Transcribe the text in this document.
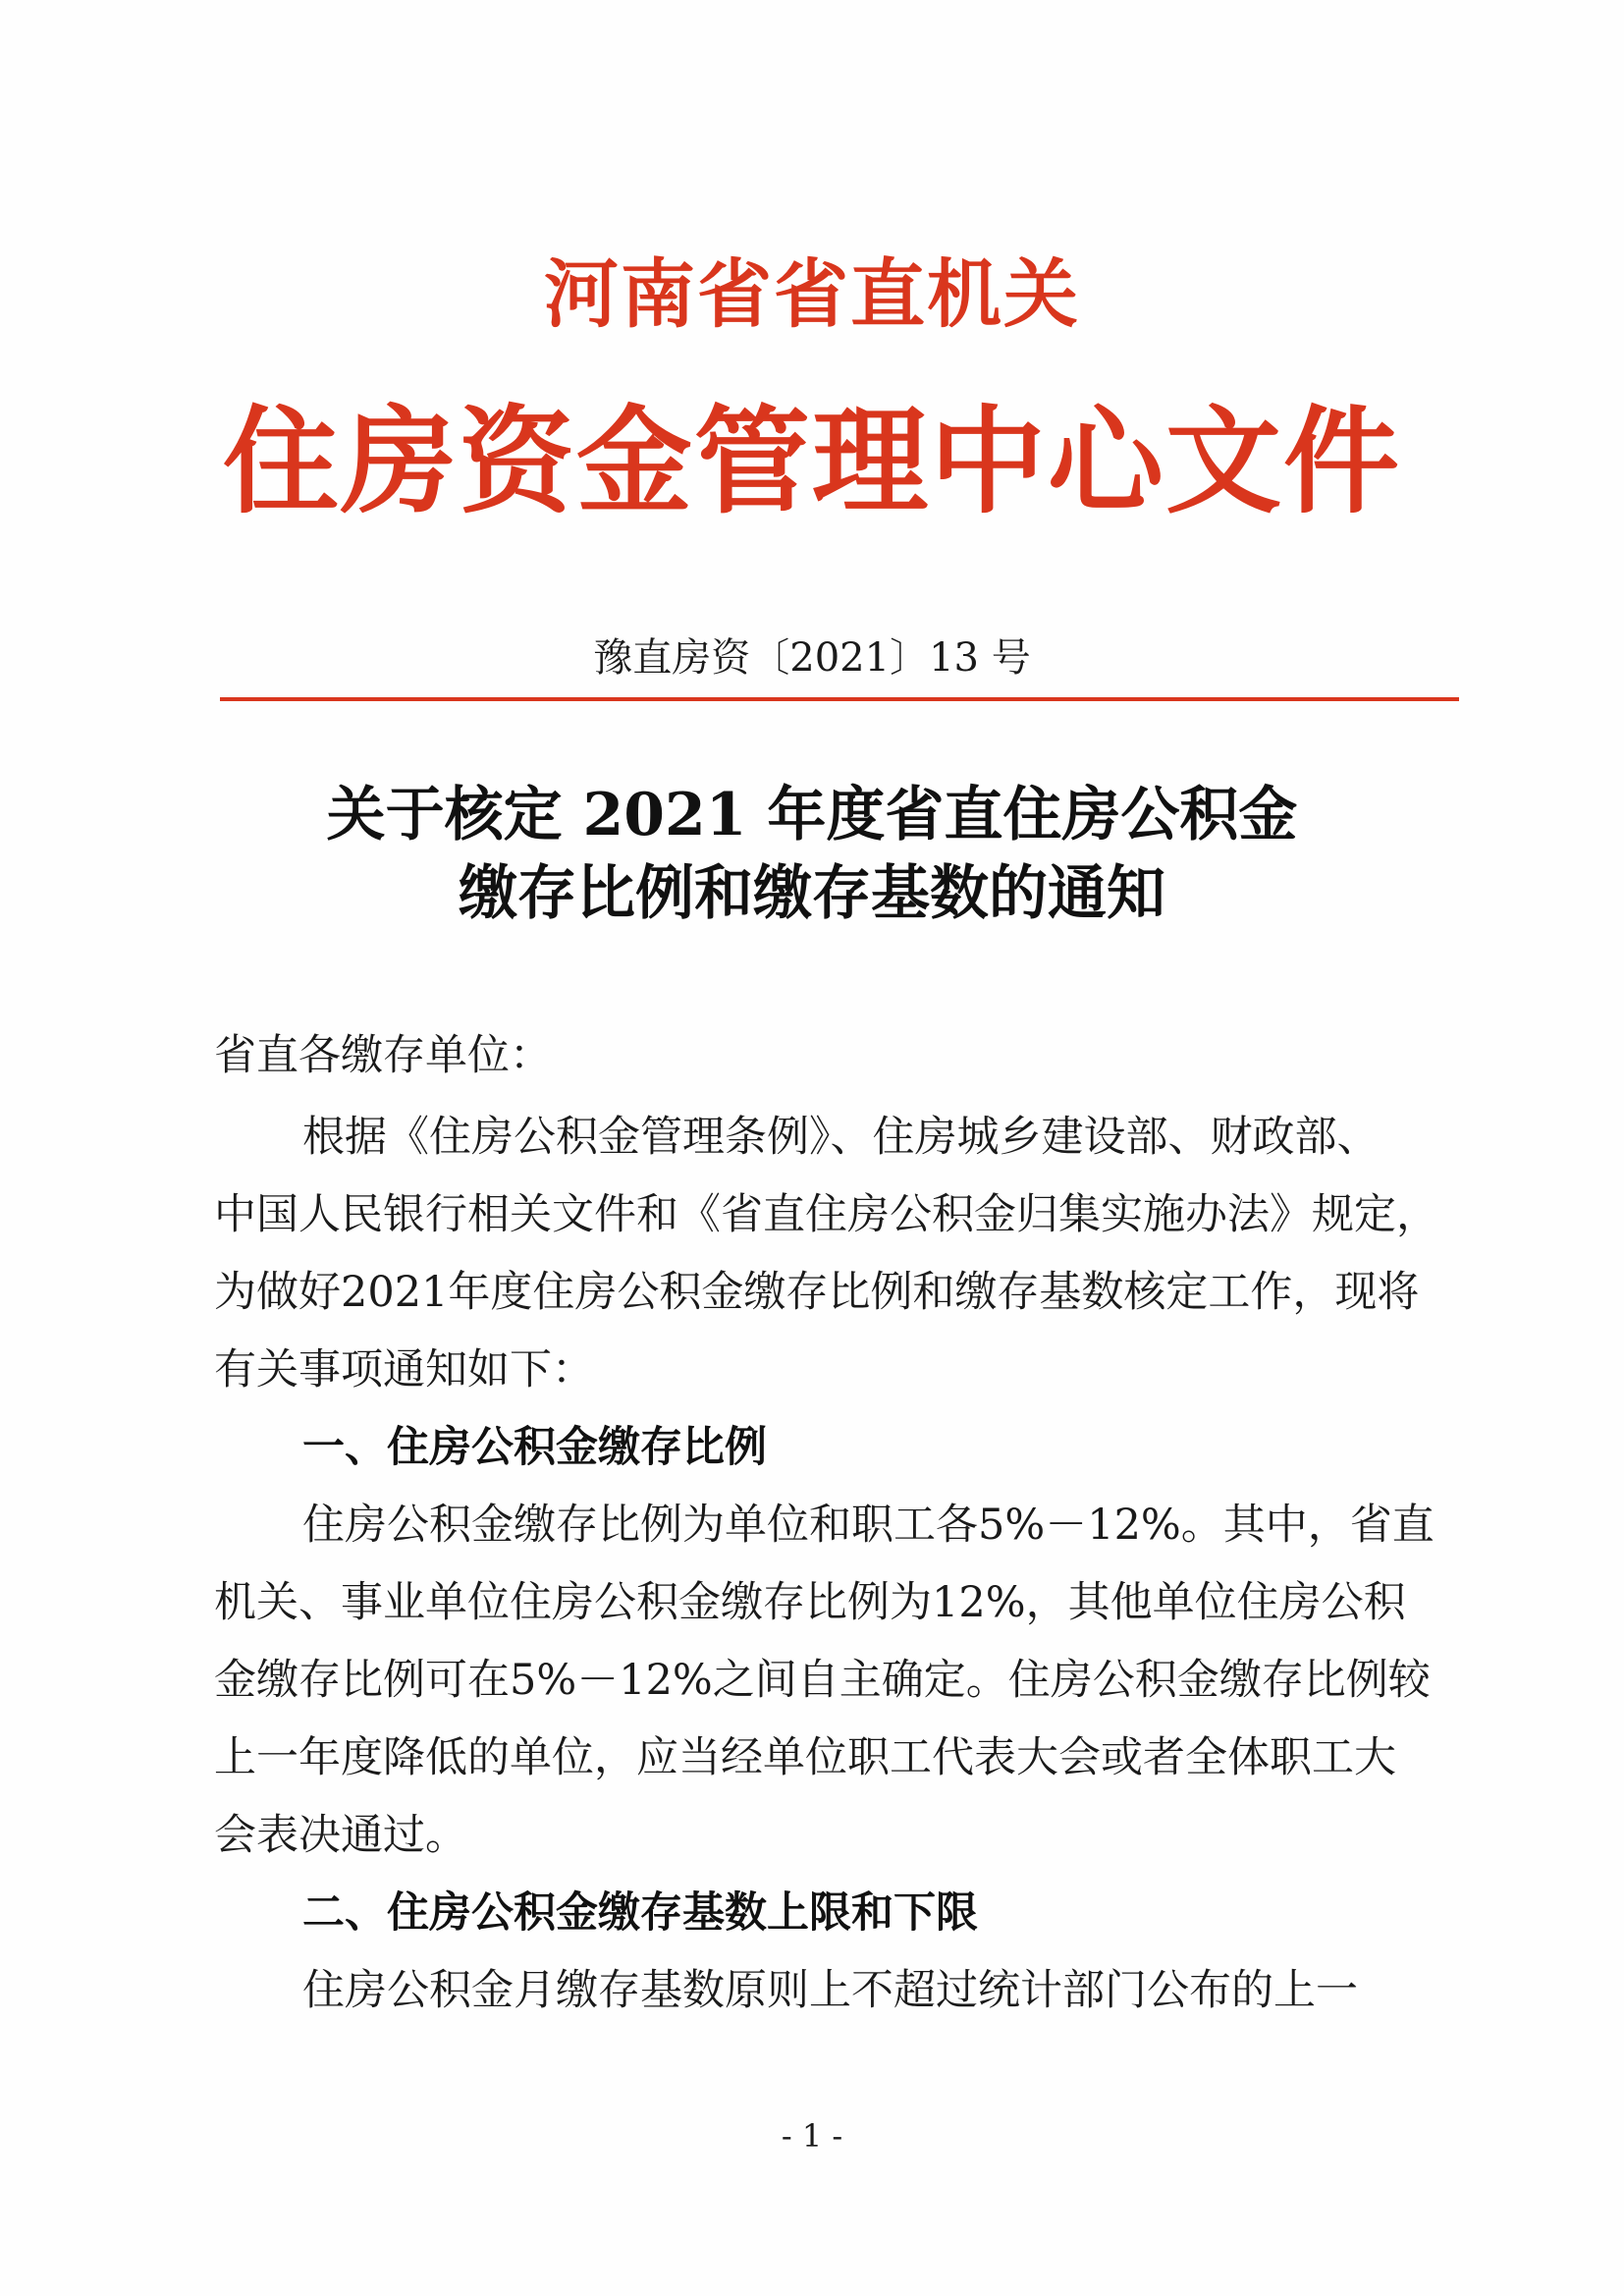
河南省省直机关
住房资金管理中心文件
豫直房资〔2021〕13 号
关于核定 2021 年度省直住房公积金
缴存比例和缴存基数的通知
省直各缴存单位：
根据《住房公积金管理条例》、住房城乡建设部、财政部、
中国人民银行相关文件和《省直住房公积金归集实施办法》规定，
为做好2021年度住房公积金缴存比例和缴存基数核定工作，现将
有关事项通知如下：
一、住房公积金缴存比例
住房公积金缴存比例为单位和职工各5%－12%。其中，省直
机关、事业单位住房公积金缴存比例为12%，其他单位住房公积
金缴存比例可在5%－12%之间自主确定。住房公积金缴存比例较
上一年度降低的单位，应当经单位职工代表大会或者全体职工大
会表决通过。
二、住房公积金缴存基数上限和下限
住房公积金月缴存基数原则上不超过统计部门公布的上一
- 1 -
